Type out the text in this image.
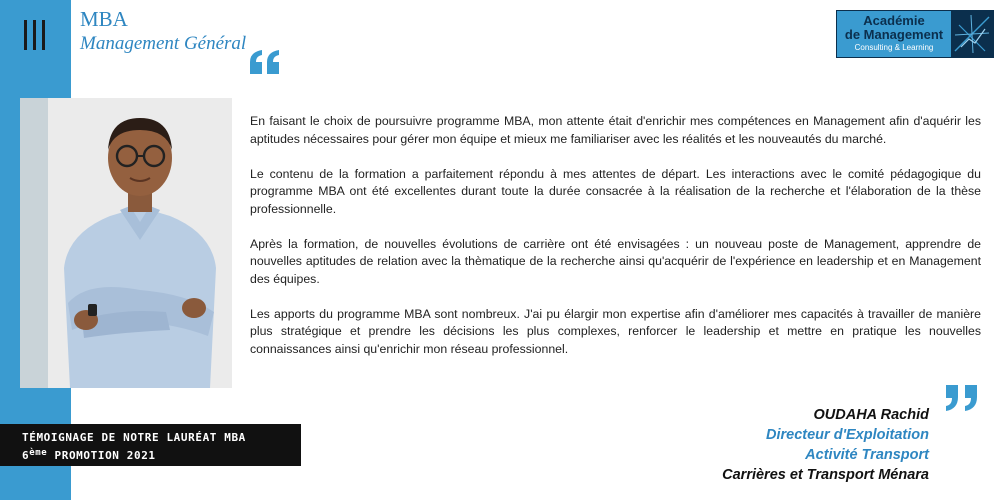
MBA
Management Général
Académie
de Management
Consulting & Learning

En faisant le choix de poursuivre programme MBA, mon attente était d'enrichir mes compétences en Management afin d'aquérir les aptitudes nécessaires pour gérer mon équipe et mieux me familiariser avec les réalités et les nouveautés du marché.

Le contenu de la formation a parfaitement répondu à mes attentes de départ. Les interactions avec le comité pédagogique du programme MBA ont été excellentes durant toute la durée consacrée à la réalisation de la recherche et l'élaboration de la thèse professionnelle.

Après la formation, de nouvelles évolutions de carrière ont été envisagées : un nouveau poste de Management, apprendre de nouvelles aptitudes de relation avec la thèmatique de la recherche ainsi qu'acquérir de l'expérience en leadership et en Management des équipes.

Les apports du programme MBA sont nombreux. J'ai pu élargir mon expertise afin d'améliorer mes capacités à travailler de manière plus stratégique et prendre les décisions les plus complexes, renforcer le leadership et mettre en pratique les nouvelles connaissances ainsi qu'enrichir mon réseau professionnel.

TÉMOIGNAGE DE NOTRE LAURÉAT MBA
6ème PROMOTION 2021
OUDAHA Rachid
Directeur d'Exploitation
Activité Transport
Carrières et Transport Ménara
